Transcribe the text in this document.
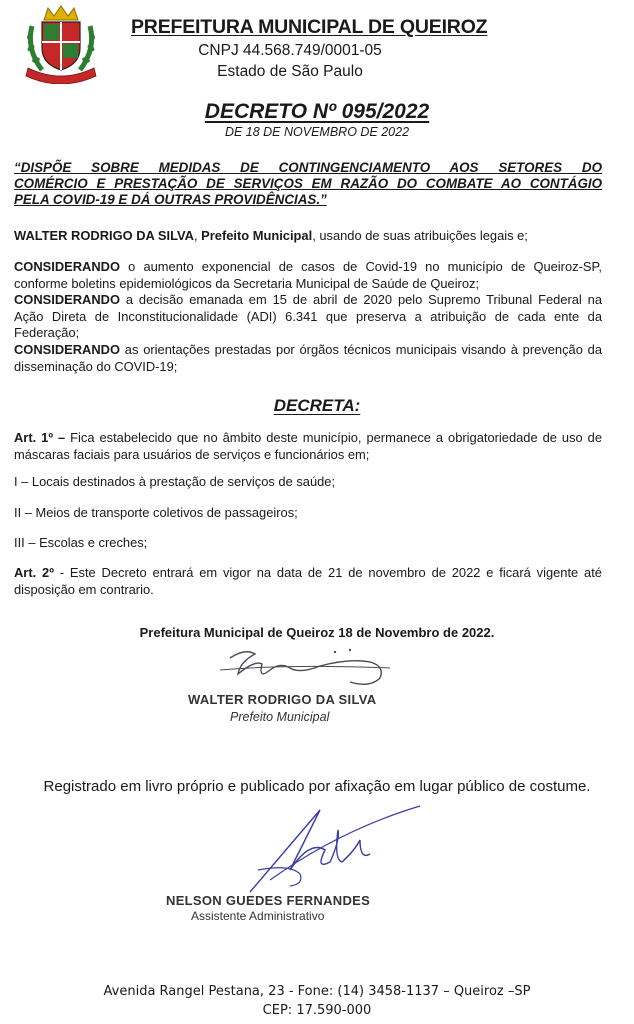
PREFEITURA MUNICIPAL DE QUEIROZ
CNPJ 44.568.749/0001-05
Estado de São Paulo
DECRETO Nº 095/2022
DE 18 DE NOVEMBRO DE 2022
“DISPÕE SOBRE MEDIDAS DE CONTINGENCIAMENTO AOS SETORES DO
COMÉRCIO E PRESTAÇÃO DE SERVIÇOS EM RAZÃO DO COMBATE AO CONTÁGIO
PELA COVID-19 E DÁ OUTRAS PROVIDÊNCIAS.”
WALTER RODRIGO DA SILVA, Prefeito Municipal, usando de suas atribuições legais e;
CONSIDERANDO o aumento exponencial de casos de Covid-19 no município de Queiroz-SP, conforme boletins epidemiológicos da Secretaria Municipal de Saúde de Queiroz;
CONSIDERANDO a decisão emanada em 15 de abril de 2020 pelo Supremo Tribunal Federal na Ação Direta de Inconstitucionalidade (ADI) 6.341 que preserva a atribuição de cada ente da Federação;
CONSIDERANDO as orientações prestadas por órgãos técnicos municipais visando à prevenção da disseminação do COVID-19;
DECRETA:
Art. 1º – Fica estabelecido que no âmbito deste município, permanece a obrigatoriedade de uso de máscaras faciais para usuários de serviços e funcionários em;
I – Locais destinados à prestação de serviços de saúde;
II – Meios de transporte coletivos de passageiros;
III – Escolas e creches;
Art. 2º - Este Decreto entrará em vigor na data de 21 de novembro de 2022 e ficará vigente até disposição em contrario.
Prefeitura Municipal de Queiroz 18 de Novembro de 2022.
WALTER RODRIGO DA SILVA
Prefeito Municipal
Registrado em livro próprio e publicado por afixação em lugar público de costume.
NELSON GUEDES FERNANDES
Assistente Administrativo
Avenida Rangel Pestana, 23 - Fone: (14) 3458-1137 – Queiroz –SP
CEP: 17.590-000
